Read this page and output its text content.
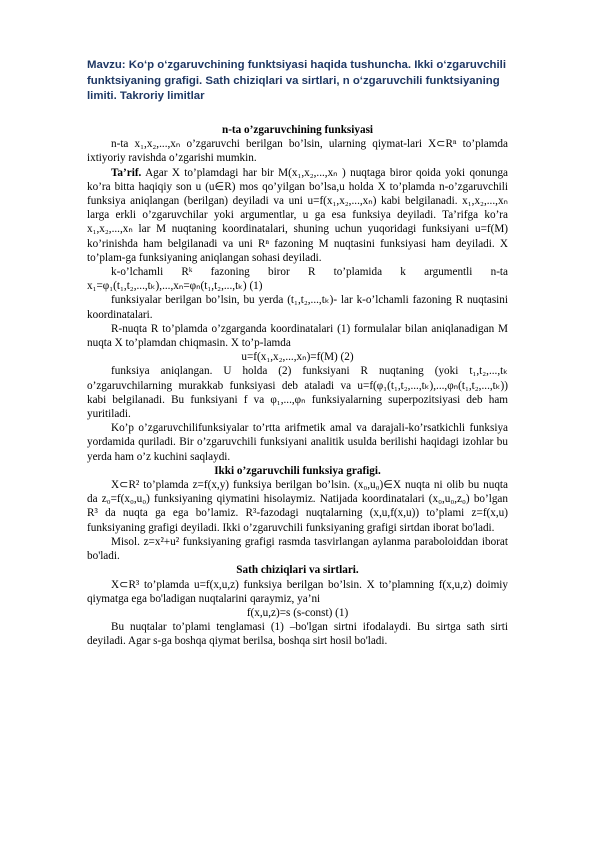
Mavzu: Ko‘p o‘zgaruvchining funktsiyasi haqida tushuncha. Ikki o‘zgaruvchili funktsiyaning grafigi. Sath chiziqlari va sirtlari, n o‘zgaruvchili funktsiyaning limiti. Takroriy limitlar

n-ta o’zgaruvchining funksiyasi

n-ta x₁,x₂,...,xₙ o’zgaruvchi berilgan bo’lsin, ularning qiymat-lari X⊂Rⁿ to’plamda ixtiyoriy ravishda o’zgarishi mumkin.

Ta’rif. Agar X to’plamdagi har bir M(x₁,x₂,...,xₙ ) nuqtaga biror qoida yoki qonunga ko’ra bitta haqiqiy son u (u∈R) mos qo’yilgan bo’lsa,u holda X to’plamda n-o’zgaruvchili funksiya aniqlangan (berilgan) deyiladi va uni u=f(x₁,x₂,...,xₙ) kabi belgilanadi. x₁,x₂,...,xₙ larga erkli o’zgaruvchilar yoki argumentlar, u ga esa funksiya deyiladi. Ta’rifga ko’ra x₁,x₂,...,xₙ lar M nuqtaning koordinatalari, shuning uchun yuqoridagi funksiyani u=f(M) ko’rinishda ham belgilanadi va uni Rⁿ fazoning M nuqtasini funksiyasi ham deyiladi. X to’plam-ga funksiyaning aniqlangan sohasi deyiladi.

k-o’lchamli Rᵏ fazoning biror R to’plamida k argumentli n-ta x₁=φ₁(t₁,t₂,...,tₖ),...,xₙ=φₙ(t₁,t₂,...,tₖ) (1)

funksiyalar berilgan bo’lsin, bu yerda (t₁,t₂,...,tₖ)- lar k-o’lchamli fazoning R nuqtasini koordinatalari.

R-nuqta R to’plamda o’zgarganda koordinatalari (1) formulalar bilan aniqlanadigan M nuqta X to’plamdan chiqmasin. X to’p-lamda

u=f(x₁,x₂,...,xₙ)=f(M) (2)

funksiya aniqlangan. U holda (2) funksiyani R nuqtaning (yoki t₁,t₂,...,tₖ o’zgaruvchilarning murakkab funksiyasi deb ataladi va u=f(φ₁(t₁,t₂,...,tₖ),...,φₙ(t₁,t₂,...,tₖ)) kabi belgilanadi. Bu funksiyani f va φ₁,...,φₙ funksiyalarning superpozitsiyasi deb ham yuritiladi.

Ko’p o’zgaruvchilifunksiyalar to’rtta arifmetik amal va darajali-ko’rsatkichli funksiya yordamida quriladi. Bir o’zgaruvchili funksiyani analitik usulda berilishi haqidagi izohlar bu yerda ham o’z kuchini saqlaydi.

Ikki o’zgaruvchili funksiya grafigi.

X⊂R² to’plamda z=f(x,y) funksiya berilgan bo’lsin. (x₀,u₀)∈X nuqta ni olib bu nuqta da z₀=f(x₀,u₀) funksiyaning qiymatini hisolaymiz. Natijada koordinatalari (x₀,u₀,z₀) bo’lgan R³ da nuqta ga ega bo’lamiz. R³-fazodagi nuqtalarning (x,u,f(x,u)) to’plami z=f(x,u) funksiyaning grafigi deyiladi. Ikki o’zgaruvchili funksiyaning grafigi sirtdan iborat bo'ladi.

Misol. z=x²+u² funksiyaning grafigi rasmda tasvirlangan aylanma paraboloiddan iborat bo'ladi.

Sath chiziqlari va sirtlari.

X⊂R³ to’plamda u=f(x,u,z) funksiya berilgan bo’lsin. X to’plamning f(x,u,z) doimiy qiymatga ega bo'ladigan nuqtalarini qaraymiz, ya’ni

f(x,u,z)=s (s-const) (1)

Bu nuqtalar to’plami tenglamasi (1) –bo'lgan sirtni ifodalaydi. Bu sirtga sath sirti deyiladi. Agar s-ga boshqa qiymat berilsa, boshqa sirt hosil bo'ladi.
